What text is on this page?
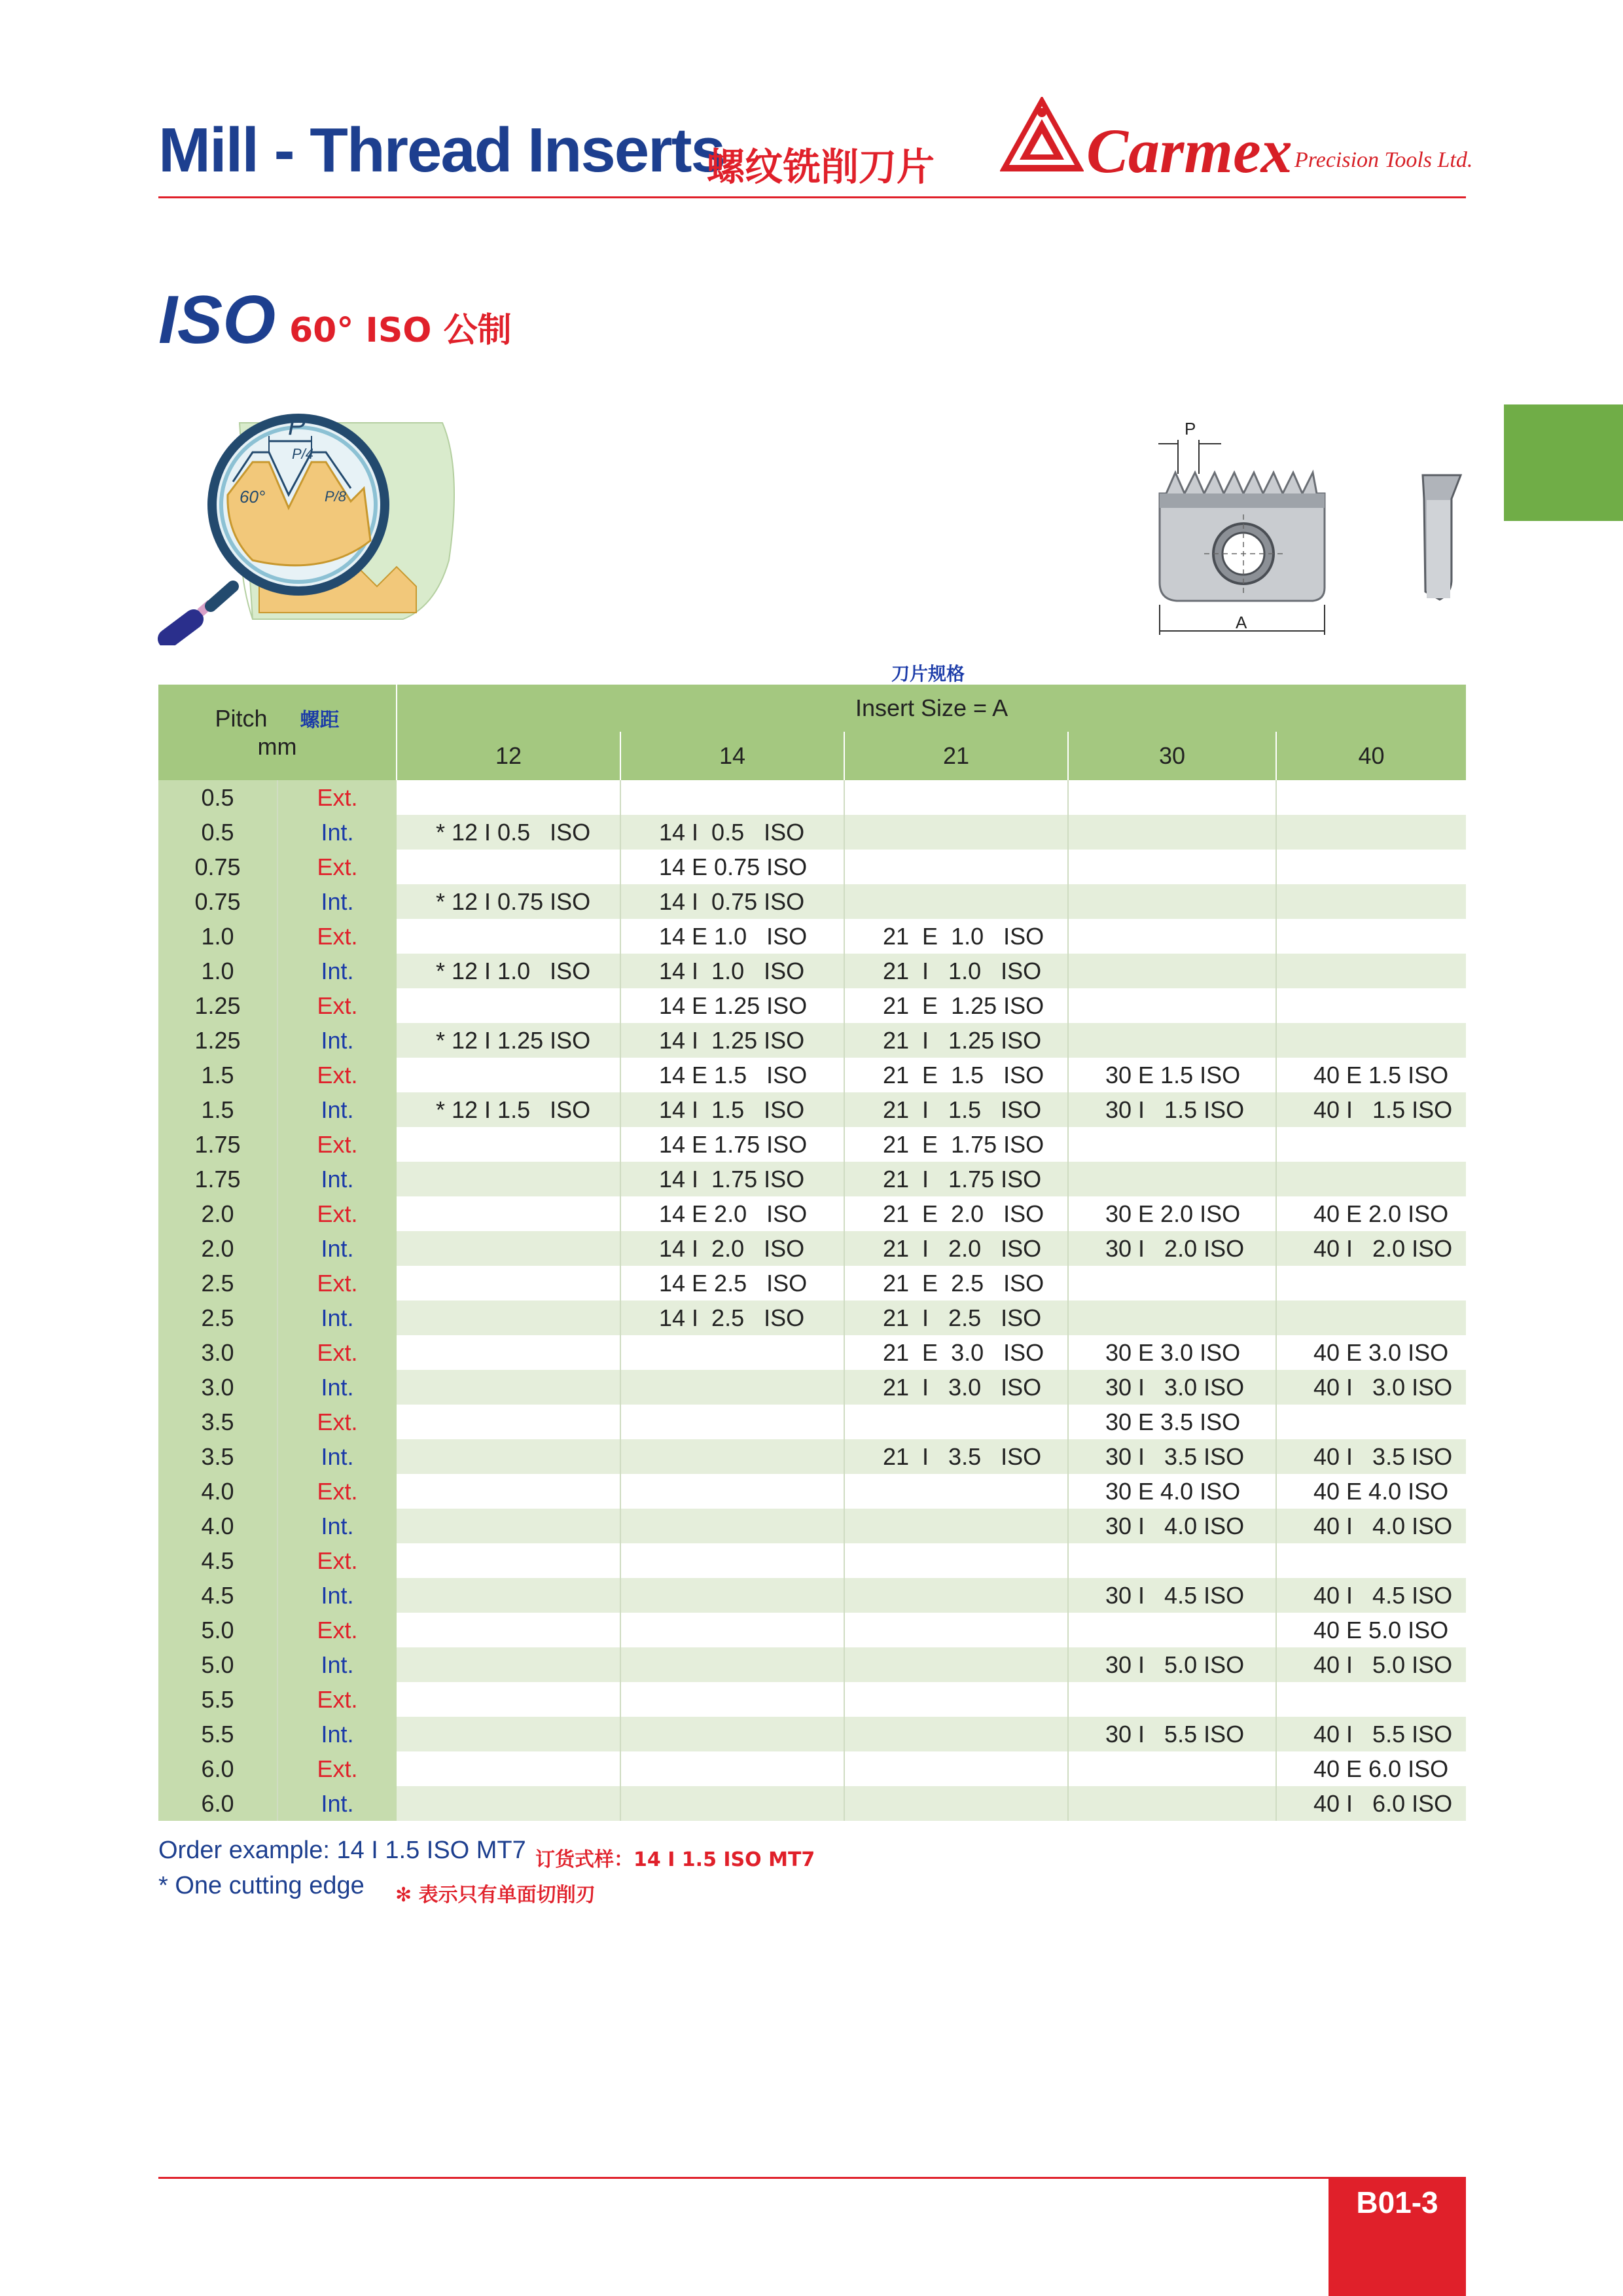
Mill - Thread Inserts
螺纹铣削刀片 Carmex Precision Tools Ltd.
ISO 60° ISO 公制
P
P/4
P/8
60°
P
A
刀片规格
Pitch 螺距
mm		Insert Size = A				
		12	14	21	30	40
0.5	Ext.					
0.5	Int.	* 12 I 0.5   ISO	14 I  0.5   ISO			
0.75	Ext.		14 E 0.75 ISO			
0.75	Int.	* 12 I 0.75 ISO	14 I  0.75 ISO			
1.0	Ext.		14 E 1.0   ISO	21  E  1.0   ISO		
1.0	Int.	* 12 I 1.0   ISO	14 I  1.0   ISO	21  I   1.0   ISO		
1.25	Ext.		14 E 1.25 ISO	21  E  1.25 ISO		
1.25	Int.	* 12 I 1.25 ISO	14 I  1.25 ISO	21  I   1.25 ISO		
1.5	Ext.		14 E 1.5   ISO	21  E  1.5   ISO	30 E 1.5 ISO	40 E 1.5 ISO
1.5	Int.	* 12 I 1.5   ISO	14 I  1.5   ISO	21  I   1.5   ISO	30 I   1.5 ISO	40 I   1.5 ISO
1.75	Ext.		14 E 1.75 ISO	21  E  1.75 ISO		
1.75	Int.		14 I  1.75 ISO	21  I   1.75 ISO		
2.0	Ext.		14 E 2.0   ISO	21  E  2.0   ISO	30 E 2.0 ISO	40 E 2.0 ISO
2.0	Int.		14 I  2.0   ISO	21  I   2.0   ISO	30 I   2.0 ISO	40 I   2.0 ISO
2.5	Ext.		14 E 2.5   ISO	21  E  2.5   ISO		
2.5	Int.		14 I  2.5   ISO	21  I   2.5   ISO		
3.0	Ext.			21  E  3.0   ISO	30 E 3.0 ISO	40 E 3.0 ISO
3.0	Int.			21  I   3.0   ISO	30 I   3.0 ISO	40 I   3.0 ISO
3.5	Ext.				30 E 3.5 ISO	
3.5	Int.			21  I   3.5   ISO	30 I   3.5 ISO	40 I   3.5 ISO
4.0	Ext.				30 E 4.0 ISO	40 E 4.0 ISO
4.0	Int.				30 I   4.0 ISO	40 I   4.0 ISO
4.5	Ext.					
4.5	Int.				30 I   4.5 ISO	40 I   4.5 ISO
5.0	Ext.					40 E 5.0 ISO
5.0	Int.				30 I   5.0 ISO	40 I   5.0 ISO
5.5	Ext.					
5.5	Int.				30 I   5.5 ISO	40 I   5.5 ISO
6.0	Ext.					40 E 6.0 ISO
6.0	Int.					40 I   6.0 ISO
Order example: 14 I 1.5 ISO MT7 订货式样：14 I 1.5 ISO MT7
* One cutting edge ✻ 表示只有单面切削刃
B01-3
